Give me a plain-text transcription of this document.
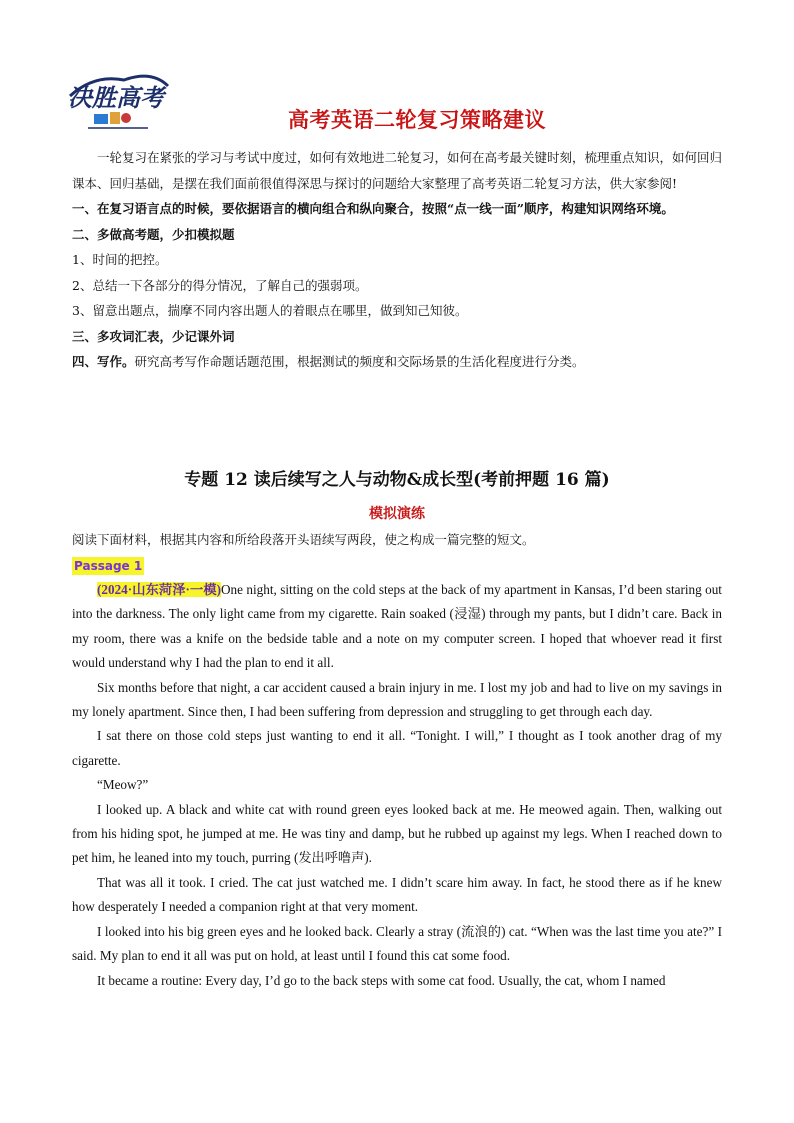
决胜高考
高考英语二轮复习策略建议

一轮复习在紧张的学习与考试中度过，如何有效地进二轮复习，如何在高考最关键时刻，梳理重点知识，如何回归课本、回归基础，是摆在我们面前很值得深思与探讨的问题给大家整理了高考英语二轮复习方法，供大家参阅!

一、在复习语言点的时候，要依据语言的横向组合和纵向聚合，按照“点一线一面”顺序，构建知识网络环境。

二、多做高考题，少扣模拟题

1、时间的把控。

2、总结一下各部分的得分情况，了解自己的强弱项。

3、留意出题点，揣摩不同内容出题人的着眼点在哪里，做到知己知彼。

三、多攻词汇表，少记课外词

四、写作。研究高考写作命题话题范围，根据测试的频度和交际场景的生活化程度进行分类。

专题 12 读后续写之人与动物&成长型(考前押题 16 篇)

模拟演练

阅读下面材料，根据其内容和所给段落开头语续写两段，使之构成一篇完整的短文。

Passage 1

(2024·山东菏泽·一模)One night, sitting on the cold steps at the back of my apartment in Kansas, I’d been staring out into the darkness. The only light came from my cigarette. Rain soaked (浸湿) through my pants, but I didn’t care. Back in my room, there was a knife on the bedside table and a note on my computer screen. I hoped that whoever read it first would understand why I had the plan to end it all.

Six months before that night, a car accident caused a brain injury in me. I lost my job and had to live on my savings in my lonely apartment. Since then, I had been suffering from depression and struggling to get through each day.

I sat there on those cold steps just wanting to end it all. “Tonight. I will,” I thought as I took another drag of my cigarette.

“Meow?”

I looked up. A black and white cat with round green eyes looked back at me. He meowed again. Then, walking out from his hiding spot, he jumped at me. He was tiny and damp, but he rubbed up against my legs. When I reached down to pet him, he leaned into my touch, purring (发出呼噜声).

That was all it took. I cried. The cat just watched me. I didn’t scare him away. In fact, he stood there as if he knew how desperately I needed a companion right at that very moment.

I looked into his big green eyes and he looked back. Clearly a stray (流浪的) cat. “When was the last time you ate?” I said. My plan to end it all was put on hold, at least until I found this cat some food.

It became a routine: Every day, I’d go to the back steps with some cat food. Usually, the cat, whom I named
